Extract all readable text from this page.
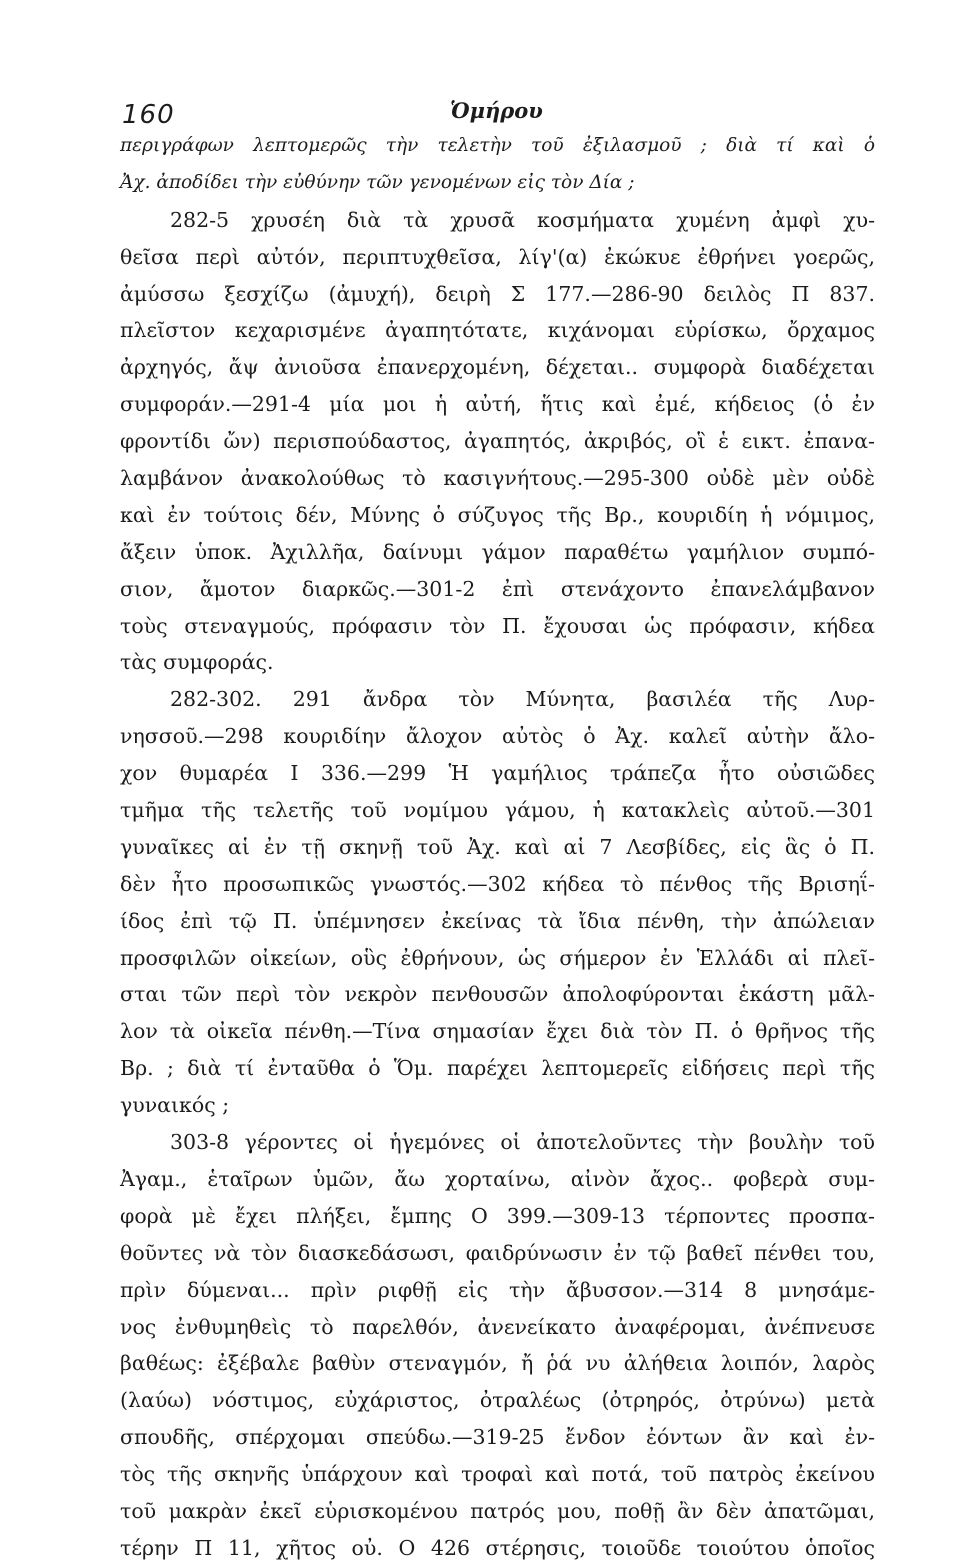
160	Ὁμήρου
περιγράφων λεπτομερῶς τὴν τελετὴν τοῦ ἐξιλασμοῦ ; διὰ τί καὶ ὁ
Ἀχ. ἀποδίδει τὴν εὐθύνην τῶν γενομένων εἰς τὸν Δία ;
282-5 χρυσέη διὰ τὰ χρυσᾶ κοσμήματα χυμένη ἀμφὶ χυ-
θεῖσα περὶ αὐτόν, περιπτυχθεῖσα, λίγ'(α) ἐκώκυε ἐθρήνει γοερῶς,
ἀμύσσω ξεσχίζω (ἀμυχή), δειρὴ Σ 177.—286-90 δειλὸς Π 837.
πλεῖστον κεχαρισμένε ἀγαπητότατε, κιχάνομαι εὑρίσκω, ὄρχαμος
ἀρχηγός, ἄψ ἀνιοῦσα ἐπανερχομένη, δέχεται.. συμφορὰ διαδέχεται
συμφοράν.—291-4 μία μοι ἡ αὐτή, ἥτις καὶ ἐμέ, κήδειος (ὁ ἐν
φροντίδι ὤν) περισπούδαστος, ἀγαπητός, ἀκριβός, οἳ ἑ εικτ. ἐπανα-
λαμβάνον ἀνακολούθως τὸ κασιγνήτους.—295-300 οὐδὲ μὲν οὐδὲ
καὶ ἐν τούτοις δέν, Μύνης ὁ σύζυγος τῆς Βρ., κουριδίη ἡ νόμιμος,
ἄξειν ὑποκ. Ἀχιλλῆα, δαίνυμι γάμον παραθέτω γαμήλιον συμπό-
σιον, ἄμοτον διαρκῶς.—301-2 ἐπὶ στενάχοντο ἐπανελάμβανον
τοὺς στεναγμούς, πρόφασιν τὸν Π. ἔχουσαι ὡς πρόφασιν, κήδεα
τὰς συμφοράς.
282-302. 291 ἄνδρα τὸν Μύνητα, βασιλέα τῆς Λυρ-
νησσοῦ.—298 κουριδίην ἄλοχον αὐτὸς ὁ Ἀχ. καλεῖ αὐτὴν ἄλο-
χον θυμαρέα Ι 336.—299 Ἡ γαμήλιος τράπεζα ἦτο οὐσιῶδες
τμῆμα τῆς τελετῆς τοῦ νομίμου γάμου, ἡ κατακλεὶς αὐτοῦ.—301
γυναῖκες αἱ ἐν τῇ σκηνῇ τοῦ Ἀχ. καὶ αἱ 7 Λεσβίδες, εἰς ἃς ὁ Π.
δὲν ἦτο προσωπικῶς γνωστός.—302 κήδεα τὸ πένθος τῆς Βρισηΐ-
ίδος ἐπὶ τῷ Π. ὑπέμνησεν ἐκείνας τὰ ἴδια πένθη, τὴν ἀπώλειαν
προσφιλῶν οἰκείων, οὓς ἐθρήνουν, ὡς σήμερον ἐν Ἑλλάδι αἱ πλεῖ-
σται τῶν περὶ τὸν νεκρὸν πενθουσῶν ἀπολοφύρονται ἑκάστη μᾶλ-
λον τὰ οἰκεῖα πένθη.—Τίνα σημασίαν ἔχει διὰ τὸν Π. ὁ θρῆνος τῆς
Βρ. ; διὰ τί ἐνταῦθα ὁ Ὅμ. παρέχει λεπτομερεῖς εἰδήσεις περὶ τῆς
γυναικός ;
303-8 γέροντες οἱ ἡγεμόνες οἱ ἀποτελοῦντες τὴν βουλὴν τοῦ
Ἀγαμ., ἑταῖρων ὑμῶν, ἄω χορταίνω, αἰνὸν ἄχος.. φοβερὰ συμ-
φορὰ μὲ ἔχει πλήξει, ἔμπης Ο 399.—309-13 τέρποντες προσπα-
θοῦντες νὰ τὸν διασκεδάσωσι, φαιδρύνωσιν ἐν τῷ βαθεῖ πένθει του,
πρὶν δύμεναι... πρὶν ριφθῇ εἰς τὴν ἄβυσσον.—314 8 μνησάμε-
νος ἐνθυμηθεὶς τὸ παρελθόν, ἀνενείκατο ἀναφέρομαι, ἀνέπνευσε
βαθέως: ἐξέβαλε βαθὺν στεναγμόν, ἤ ῥά νυ ἀλήθεια λοιπόν, λαρὸς
(λαύω) νόστιμος, εὐχάριστος, ὀτραλέως (ὀτρηρός, ὀτρύνω) μετὰ
σπουδῆς, σπέρχομαι σπεύδω.—319-25 ἔνδον ἐόντων ἂν καὶ ἐν-
τὸς τῆς σκηνῆς ὑπάρχουν καὶ τροφαὶ καὶ ποτά, τοῦ πατρὸς ἐκείνου
τοῦ μακρὰν ἐκεῖ εὑρισκομένου πατρός μου, ποθῇ ἂν δὲν ἀπατῶμαι,
τέρην Π 11, χῆτος οὐ. Ο 426 στέρησις, τοιοῦδε τοιούτου ὁποῖος
